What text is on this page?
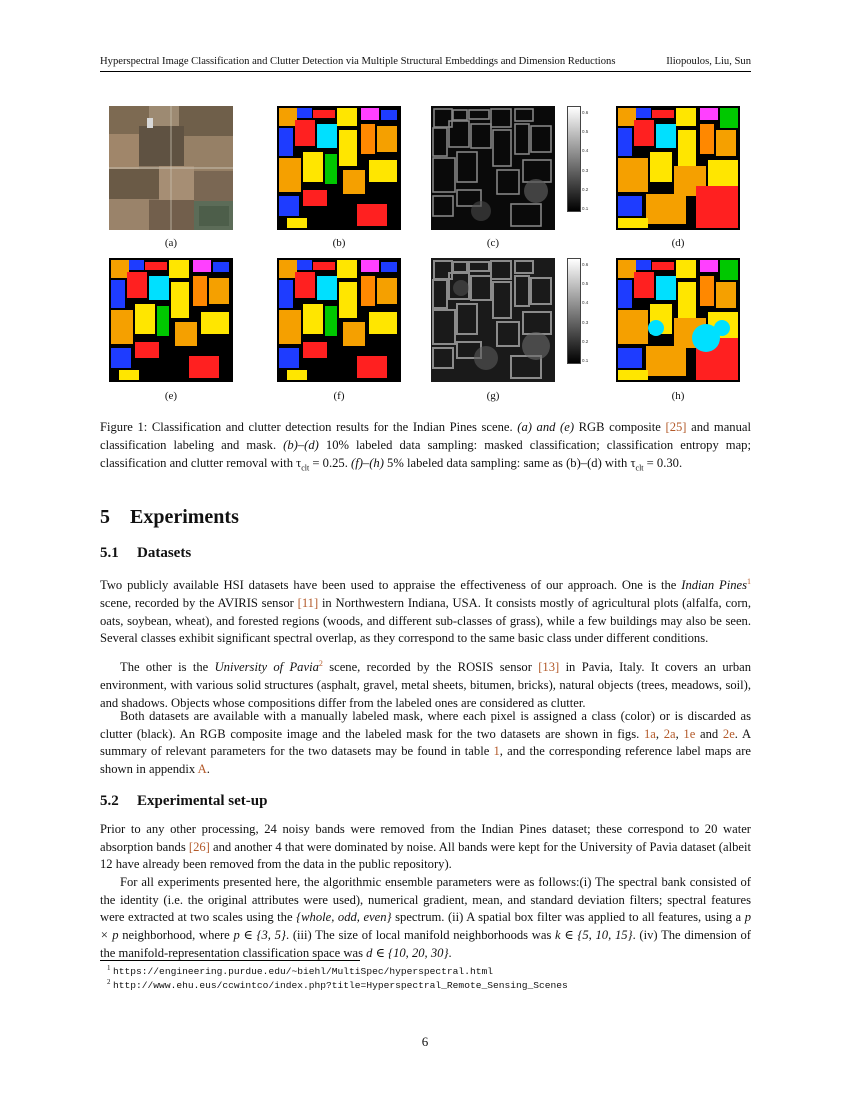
Hyperspectral Image Classification and Clutter Detection via Multiple Structural Embeddings and Dimension Reductions	Iliopoulos, Liu, Sun
0.6
0.5
0.4
0.3
0.2
0.1
(a)	(b)	(c)	(d)
0.6
0.5
0.4
0.3
0.2
0.1
(e)	(f)	(g)	(h)
Figure 1: Classification and clutter detection results for the Indian Pines scene. (a) and (e) RGB composite [25] and manual classification labeling and mask. (b)–(d) 10% labeled data sampling: masked classification; classification entropy map; classification and clutter removal with $\tau_{clt} = 0.25$. (f)–(h) 5% labeled data sampling: same as (b)–(d) with $\tau_{clt} = 0.30$.
5 Experiments
5.1 Datasets

Two publicly available HSI datasets have been used to appraise the effectiveness of our approach. One is the Indian Pines$^1$ scene, recorded by the AVIRIS sensor [11] in Northwestern Indiana, USA. It consists mostly of agricultural plots (alfalfa, corn, oats, soybean, wheat), and forested regions (woods, and different sub-classes of grass), while a few buildings may also be seen. Several classes exhibit significant spectral overlap, as they correspond to the same basic class under different conditions.

The other is the University of Pavia$^2$ scene, recorded by the ROSIS sensor [13] in Pavia, Italy. It covers an urban environment, with various solid structures (asphalt, gravel, metal sheets, bitumen, bricks), natural objects (trees, meadows, soil), and shadows. Objects whose compositions differ from the labeled ones are considered as clutter.

Both datasets are available with a manually labeled mask, where each pixel is assigned a class (color) or is discarded as clutter (black). An RGB composite image and the labeled mask for the two datasets are shown in figs. 1a, 2a, 1e and 2e. A summary of relevant parameters for the two datasets may be found in table 1, and the corresponding reference label maps are shown in appendix A.

5.2 Experimental set-up

Prior to any other processing, 24 noisy bands were removed from the Indian Pines dataset; these correspond to 20 water absorption bands [26] and another 4 that were dominated by noise. All bands were kept for the University of Pavia dataset (albeit 12 have already been removed from the data in the public repository).

For all experiments presented here, the algorithmic ensemble parameters were as follows:(i) The spectral bank consisted of the identity (i.e. the original attributes were used), numerical gradient, mean, and standard deviation filters; spectral features were extracted at two scales using the {whole, odd, even} spectrum. (ii) A spatial box filter was applied to all features, using a p × p neighborhood, where p ∈ {3, 5}. (iii) The size of local manifold neighborhoods was k ∈ {5, 10, 15}. (iv) The dimension of the manifold-representation classification space was d ∈ {10, 20, 30}.

1 https://engineering.purdue.edu/~biehl/MultiSpec/hyperspectral.html
2 http://www.ehu.eus/ccwintco/index.php?title=Hyperspectral_Remote_Sensing_Scenes
6
